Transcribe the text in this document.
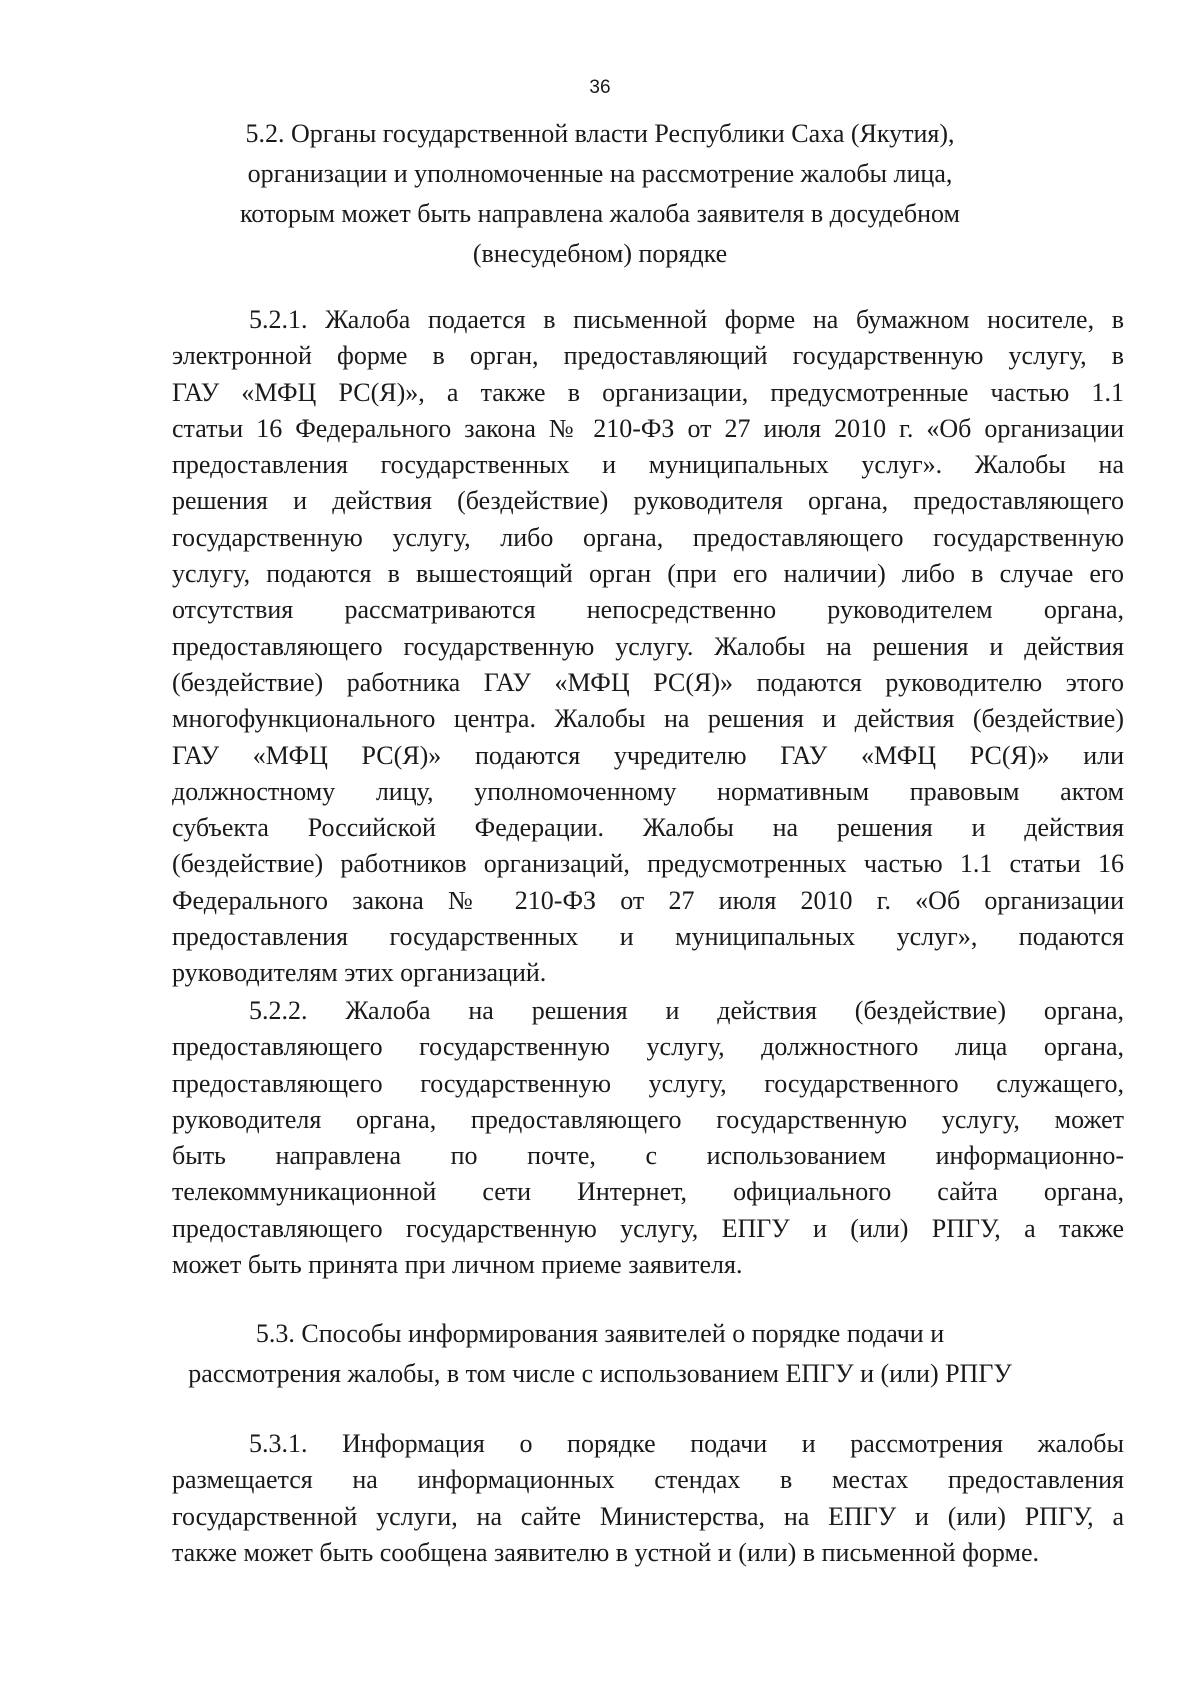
36
5.2. Органы государственной власти Республики Саха (Якутия),
организации и уполномоченные на рассмотрение жалобы лица,
которым может быть направлена жалоба заявителя в досудебном
(внесудебном) порядке
5.2.1. Жалоба подается в письменной форме на бумажном носителе, в
электронной форме в орган, предоставляющий государственную услугу, в
ГАУ «МФЦ РС(Я)», а также в организации, предусмотренные частью 1.1
статьи 16 Федерального закона № 210-ФЗ от 27 июля 2010 г. «Об организации
предоставления государственных и муниципальных услуг». Жалобы на
решения и действия (бездействие) руководителя органа, предоставляющего
государственную услугу, либо органа, предоставляющего государственную
услугу, подаются в вышестоящий орган (при его наличии) либо в случае его
отсутствия рассматриваются непосредственно руководителем органа,
предоставляющего государственную услугу. Жалобы на решения и действия
(бездействие) работника ГАУ «МФЦ РС(Я)» подаются руководителю этого
многофункционального центра. Жалобы на решения и действия (бездействие)
ГАУ «МФЦ РС(Я)» подаются учредителю ГАУ «МФЦ РС(Я)» или
должностному лицу, уполномоченному нормативным правовым актом
субъекта Российской Федерации. Жалобы на решения и действия
(бездействие) работников организаций, предусмотренных частью 1.1 статьи 16
Федерального закона № 210-ФЗ от 27 июля 2010 г. «Об организации
предоставления государственных и муниципальных услуг», подаются
руководителям этих организаций.
5.2.2. Жалоба на решения и действия (бездействие) органа,
предоставляющего государственную услугу, должностного лица органа,
предоставляющего государственную услугу, государственного служащего,
руководителя органа, предоставляющего государственную услугу, может
быть направлена по почте, с использованием информационно-
телекоммуникационной сети Интернет, официального сайта органа,
предоставляющего государственную услугу, ЕПГУ и (или) РПГУ, а также
может быть принята при личном приеме заявителя.
5.3. Способы информирования заявителей о порядке подачи и
рассмотрения жалобы, в том числе с использованием ЕПГУ и (или) РПГУ
5.3.1. Информация о порядке подачи и рассмотрения жалобы
размещается на информационных стендах в местах предоставления
государственной услуги, на сайте Министерства, на ЕПГУ и (или) РПГУ, а
также может быть сообщена заявителю в устной и (или) в письменной форме.
